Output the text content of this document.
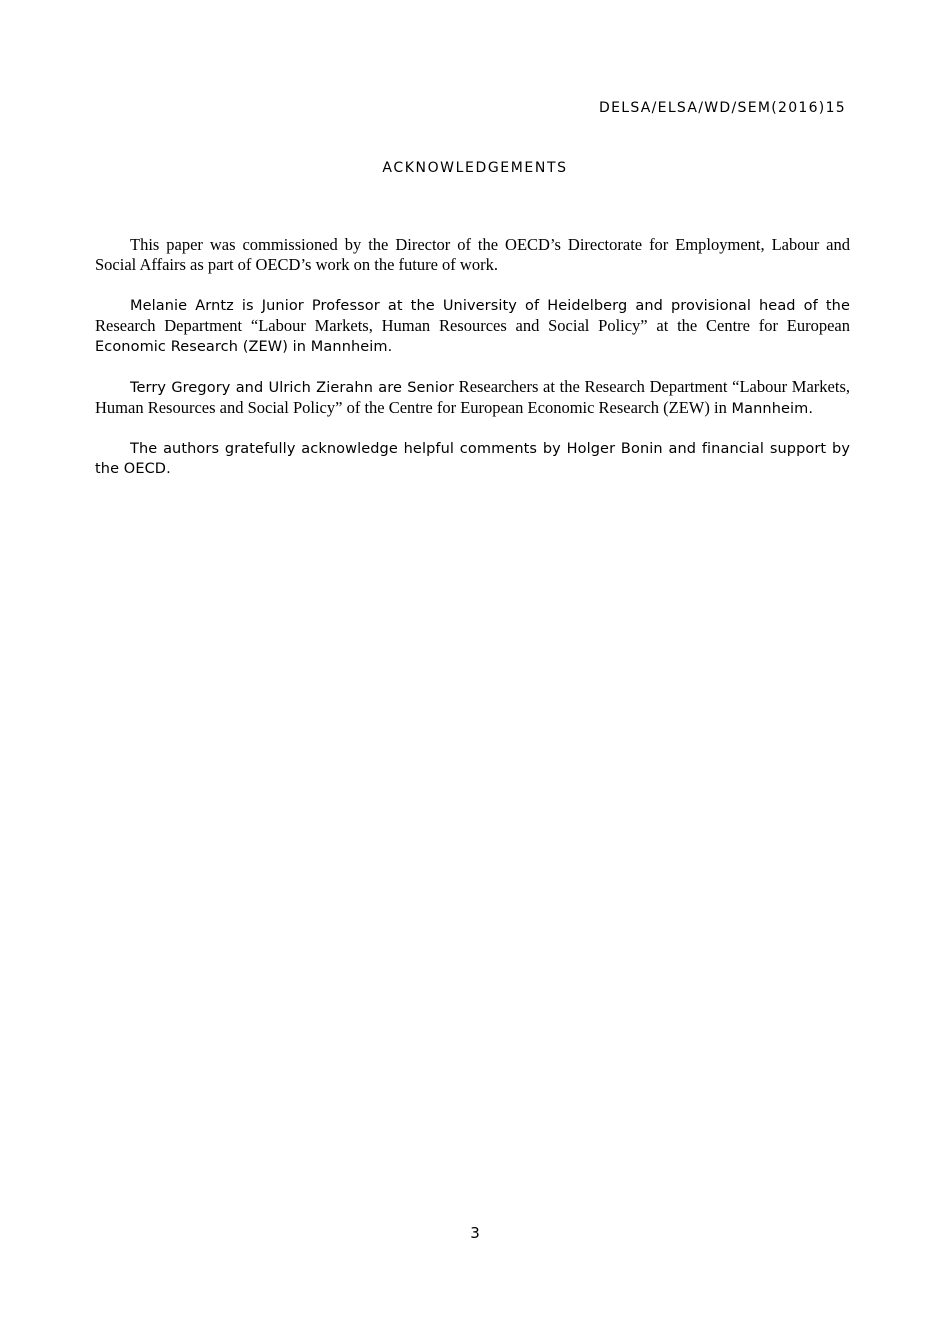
DELSA/ELSA/WD/SEM(2016)15
ACKNOWLEDGEMENTS

This paper was commissioned by the Director of the OECD’s Directorate for Employment, Labour and Social Affairs as part of OECD’s work on the future of work.

Melanie Arntz is Junior Professor at the University of Heidelberg and provisional head of the Research Department “Labour Markets, Human Resources and Social Policy” at the Centre for European Economic Research (ZEW) in Mannheim.

Terry Gregory and Ulrich Zierahn are Senior Researchers at the Research Department “Labour Markets, Human Resources and Social Policy” of the Centre for European Economic Research (ZEW) in Mannheim.

The authors gratefully acknowledge helpful comments by Holger Bonin and financial support by the OECD.

3
